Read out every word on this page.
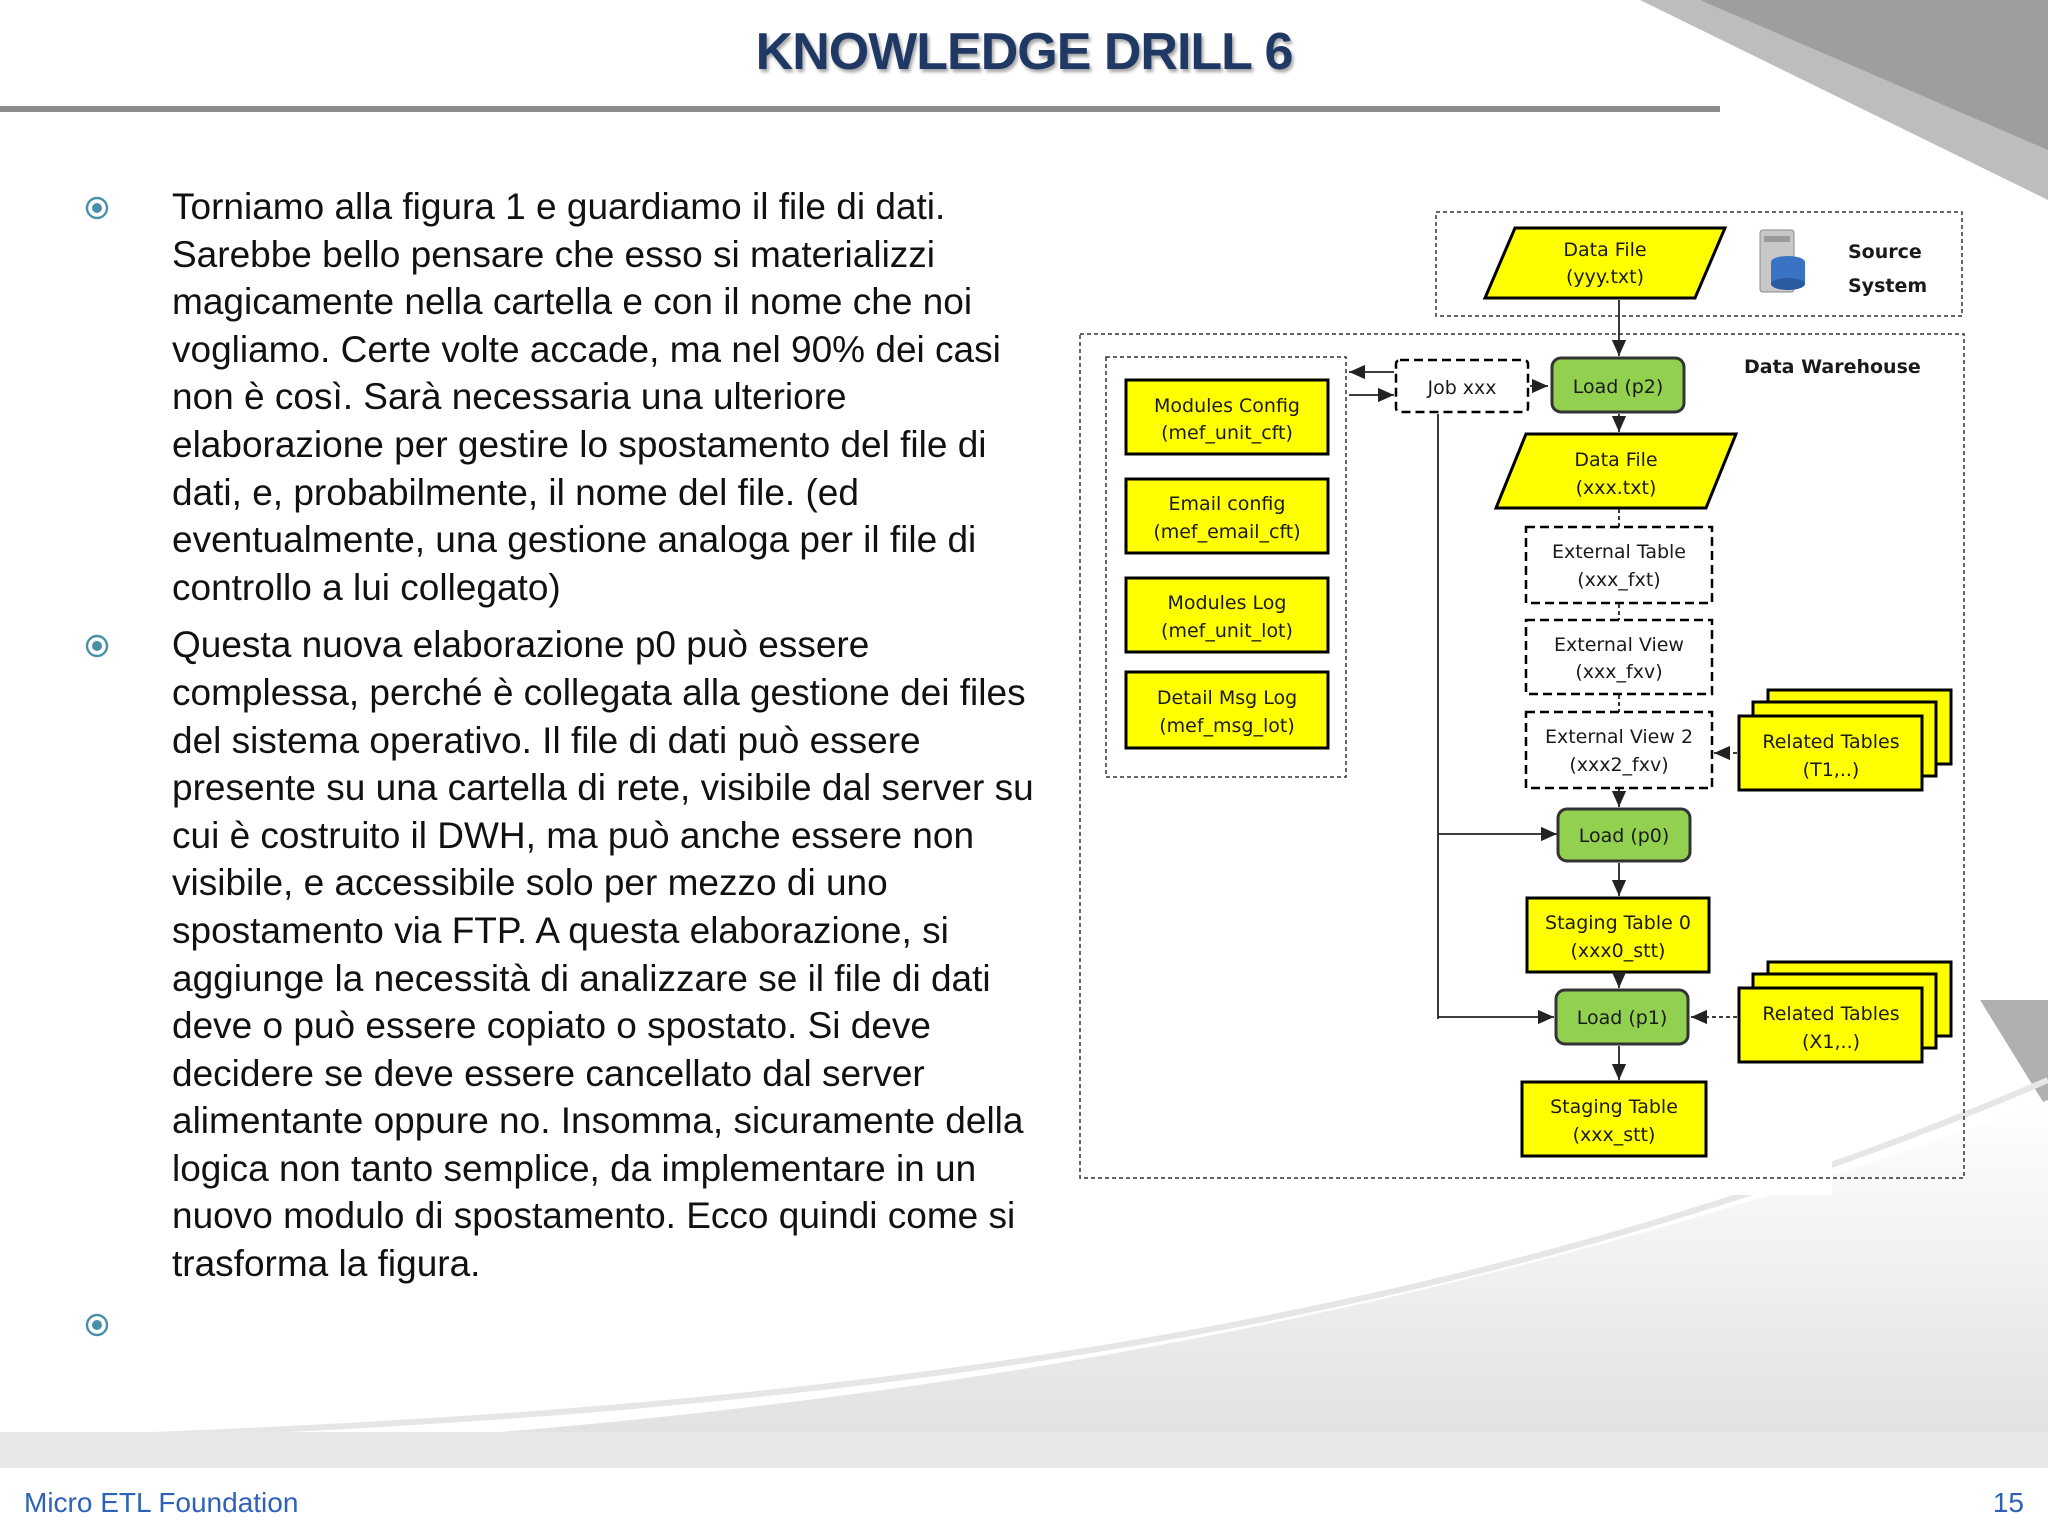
KNOWLEDGE DRILL 6
Torniamo alla figura 1 e guardiamo il file di dati. Sarebbe bello pensare che esso si materializzi magicamente nella cartella e con il nome che noi vogliamo. Certe volte accade, ma nel 90% dei casi non è così. Sarà necessaria una ulteriore elaborazione per gestire lo spostamento del file di dati, e, probabilmente, il nome del file. (ed eventualmente, una gestione analoga per il file di controllo a lui collegato)
Questa nuova elaborazione p0 può essere complessa, perché è collegata alla gestione dei files del sistema operativo. Il file di dati può essere presente su una cartella di rete, visibile dal server su cui è costruito il DWH, ma può anche essere non visibile, e accessibile solo per mezzo di uno spostamento via FTP. A questa elaborazione, si aggiunge la necessità di analizzare se il file di dati deve o può essere copiato o spostato. Si deve decidere se deve essere cancellato dal server alimentante oppure no. Insomma, sicuramente della logica non tanto semplice, da implementare in un nuovo modulo di spostamento. Ecco quindi come si trasforma la figura.
Data File
(yyy.txt)
Source
System
Data Warehouse
Modules Config
(mef_unit_cft)
Email config
(mef_email_cft)
Modules Log
(mef_unit_lot)
Detail Msg Log
(mef_msg_lot)
Job xxx	Load (p2)
Data File
(xxx.txt)
External Table
(xxx_fxt)
External View
(xxx_fxv)
External View 2
(xxx2_fxv)
Load (p0)
Staging Table 0
(xxx0_stt)
Load (p1)
Staging Table
(xxx_stt)
Related Tables
(T1,..)
Related Tables
(X1,..)
Micro ETL Foundation	15
